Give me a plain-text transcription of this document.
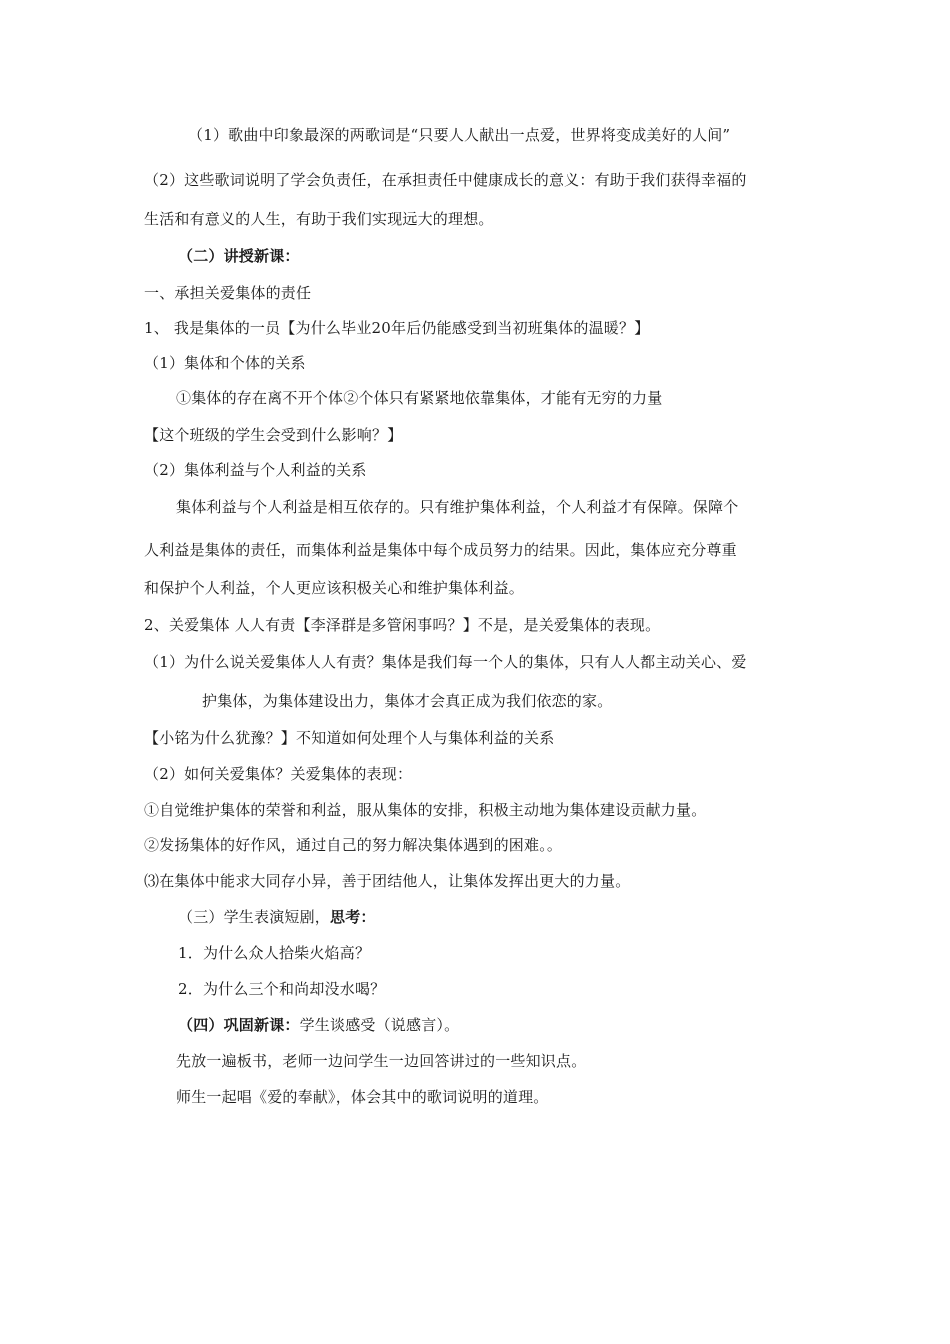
（1）歌曲中印象最深的两歌词是“只要人人献出一点爱，世界将变成美好的人间”
（2）这些歌词说明了学会负责任，在承担责任中健康成长的意义：有助于我们获得幸福的
生活和有意义的人生，有助于我们实现远大的理想。
（二）讲授新课：
一、承担关爱集体的责任
1、 我是集体的一员【为什么毕业20年后仍能感受到当初班集体的温暖？】
（1）集体和个体的关系
①集体的存在离不开个体②个体只有紧紧地依靠集体，才能有无穷的力量
【这个班级的学生会受到什么影响？】
（2）集体利益与个人利益的关系
集体利益与个人利益是相互依存的。只有维护集体利益，个人利益才有保障。保障个
人利益是集体的责任，而集体利益是集体中每个成员努力的结果。因此，集体应充分尊重
和保护个人利益，个人更应该积极关心和维护集体利益。
2、关爱集体 人人有责【李泽群是多管闲事吗？】不是，是关爱集体的表现。
（1）为什么说关爱集体人人有责？集体是我们每一个人的集体，只有人人都主动关心、爱
护集体，为集体建设出力，集体才会真正成为我们依恋的家。
【小铭为什么犹豫？】不知道如何处理个人与集体利益的关系
（2）如何关爱集体？关爱集体的表现：
①自觉维护集体的荣誉和利益，服从集体的安排，积极主动地为集体建设贡献力量。
②发扬集体的好作风，通过自己的努力解决集体遇到的困难。。
⑶在集体中能求大同存小异，善于团结他人，让集体发挥出更大的力量。
（三）学生表演短剧，思考：
1．为什么众人拾柴火焰高？
2．为什么三个和尚却没水喝？
（四）巩固新课：学生谈感受（说感言）。
先放一遍板书，老师一边问学生一边回答讲过的一些知识点。
师生一起唱《爱的奉献》，体会其中的歌词说明的道理。
